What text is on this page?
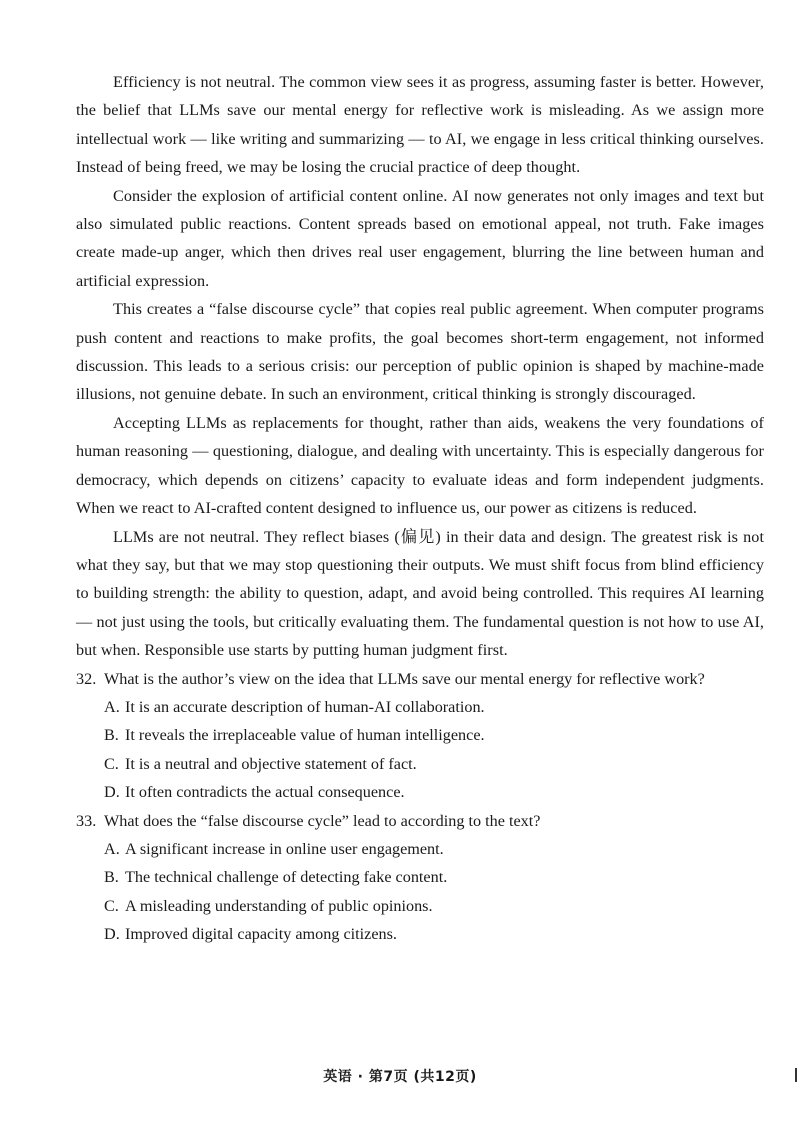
Efficiency is not neutral. The common view sees it as progress, assuming faster is better. However, the belief that LLMs save our mental energy for reflective work is misleading. As we assign more intellectual work — like writing and summarizing — to AI, we engage in less critical thinking ourselves. Instead of being freed, we may be losing the crucial practice of deep thought.

Consider the explosion of artificial content online. AI now generates not only images and text but also simulated public reactions. Content spreads based on emotional appeal, not truth. Fake images create made-up anger, which then drives real user engagement, blurring the line between human and artificial expression.

This creates a “false discourse cycle” that copies real public agreement. When computer programs push content and reactions to make profits, the goal becomes short-term engagement, not informed discussion. This leads to a serious crisis: our perception of public opinion is shaped by machine-made illusions, not genuine debate. In such an environment, critical thinking is strongly discouraged.

Accepting LLMs as replacements for thought, rather than aids, weakens the very foundations of human reasoning — questioning, dialogue, and dealing with uncertainty. This is especially dangerous for democracy, which depends on citizens’ capacity to evaluate ideas and form independent judgments. When we react to AI-crafted content designed to influence us, our power as citizens is reduced.

LLMs are not neutral. They reflect biases (偏见) in their data and design. The greatest risk is not what they say, but that we may stop questioning their outputs. We must shift focus from blind efficiency to building strength: the ability to question, adapt, and avoid being controlled. This requires AI learning — not just using the tools, but critically evaluating them. The fundamental question is not how to use AI, but when. Responsible use starts by putting human judgment first.

32. What is the author’s view on the idea that LLMs save our mental energy for reflective work?
A. It is an accurate description of human-AI collaboration.
B. It reveals the irreplaceable value of human intelligence.
C. It is a neutral and objective statement of fact.
D. It often contradicts the actual consequence.
33. What does the “false discourse cycle” lead to according to the text?
A. A significant increase in online user engagement.
B. The technical challenge of detecting fake content.
C. A misleading understanding of public opinions.
D. Improved digital capacity among citizens.
英语 · 第7页 (共12页)
